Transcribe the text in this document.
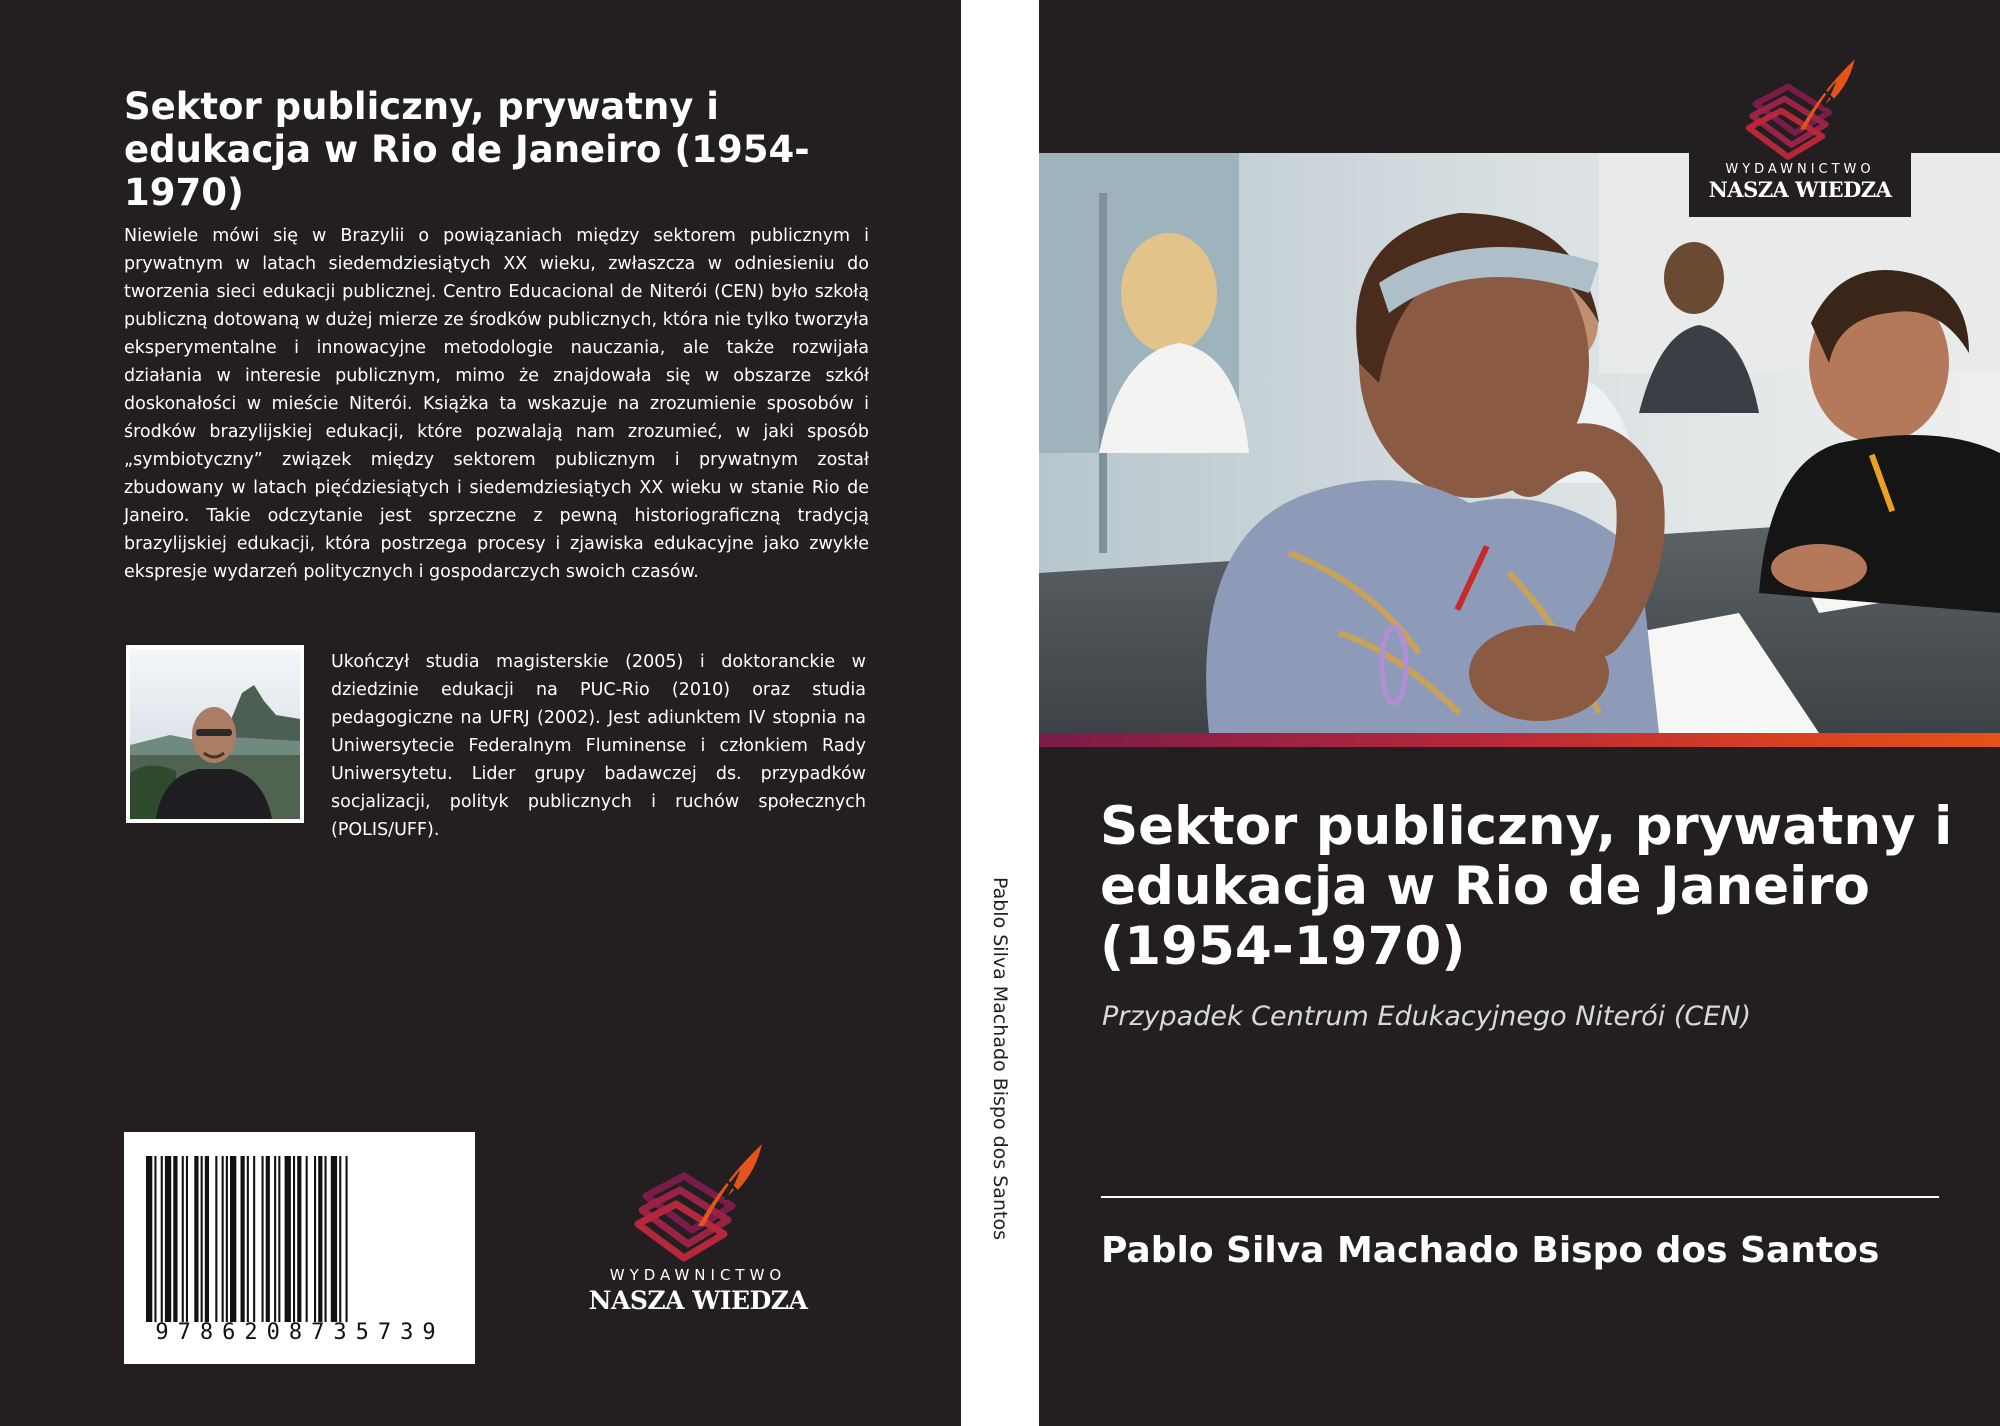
Sektor publiczny, prywatny i edukacja w Rio de Janeiro (1954-1970)

Niewiele mówi się w Brazylii o powiązaniach między sektorem publicznym i prywatnym w latach siedemdziesiątych XX wieku, zwłaszcza w odniesieniu do tworzenia sieci edukacji publicznej. Centro Educacional de Niterói (CEN) było szkołą publiczną dotowaną w dużej mierze ze środków publicznych, która nie tylko tworzyła eksperymentalne i innowacyjne metodologie nauczania, ale także rozwijała działania w interesie publicznym, mimo że znajdowała się w obszarze szkół doskonałości w mieście Niterói. Książka ta wskazuje na zrozumienie sposobów i środków brazylijskiej edukacji, które pozwalają nam zrozumieć, w jaki sposób „symbiotyczny” związek między sektorem publicznym i prywatnym został zbudowany w latach pięćdziesiątych i siedemdziesiątych XX wieku w stanie Rio de Janeiro. Takie odczytanie jest sprzeczne z pewną historiograficzną tradycją brazylijskiej edukacji, która postrzega procesy i zjawiska edukacyjne jako zwykłe ekspresje wydarzeń politycznych i gospodarczych swoich czasów.

Ukończył studia magisterskie (2005) i doktoranckie w dziedzinie edukacji na PUC-Rio (2010) oraz studia pedagogiczne na UFRJ (2002). Jest adiunktem IV stopnia na Uniwersytecie Federalnym Fluminense i członkiem Rady Uniwersytetu. Lider grupy badawczej ds. przypadków socjalizacji, polityk publicznych i ruchów społecznych (POLIS/UFF).

9786208735739
WYDAWNICTWO
NASZA WIEDZA
Pablo Silva Machado Bispo dos Santos
WYDAWNICTWO
NASZA WIEDZA
Sektor publiczny, prywatny i edukacja w Rio de Janeiro (1954-1970)

Przypadek Centrum Edukacyjnego Niterói (CEN)

Pablo Silva Machado Bispo dos Santos
